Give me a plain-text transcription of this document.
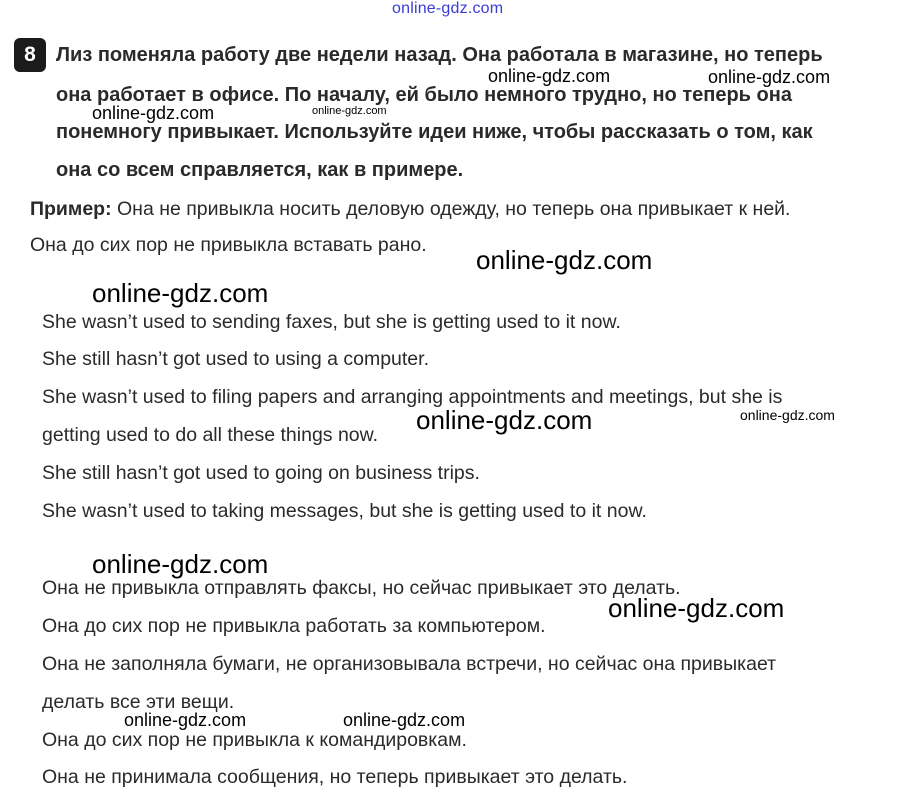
online-gdz.com
8	Лиз поменяла работу две недели назад. Она работала в магазине, но теперь
она работает в офисе. По началу, ей было немного трудно, но теперь она
понемногу привыкает. Используйте идеи ниже, чтобы рассказать о том, как
она со всем справляется, как в примере.
Пример: Она не привыкла носить деловую одежду, но теперь она привыкает к ней.
Она до сих пор не привыкла вставать рано.
She wasn’t used to sending faxes, but she is getting used to it now.
She still hasn’t got used to using a computer.
She wasn’t used to filing papers and arranging appointments and meetings, but she is
getting used to do all these things now.
She still hasn’t got used to going on business trips.
She wasn’t used to taking messages, but she is getting used to it now.
Она не привыкла отправлять факсы, но сейчас привыкает это делать.
Она до сих пор не привыкла работать за компьютером.
Она не заполняла бумаги, не организовывала встречи, но сейчас она привыкает
делать все эти вещи.
Она до сих пор не привыкла к командировкам.
Она не принимала сообщения, но теперь привыкает это делать.
online-gdz.com	online-gdz.com
online-gdz.com	online-gdz.com
online-gdz.com
online-gdz.com
online-gdz.com	online-gdz.com
online-gdz.com
online-gdz.com
online-gdz.com	online-gdz.com
